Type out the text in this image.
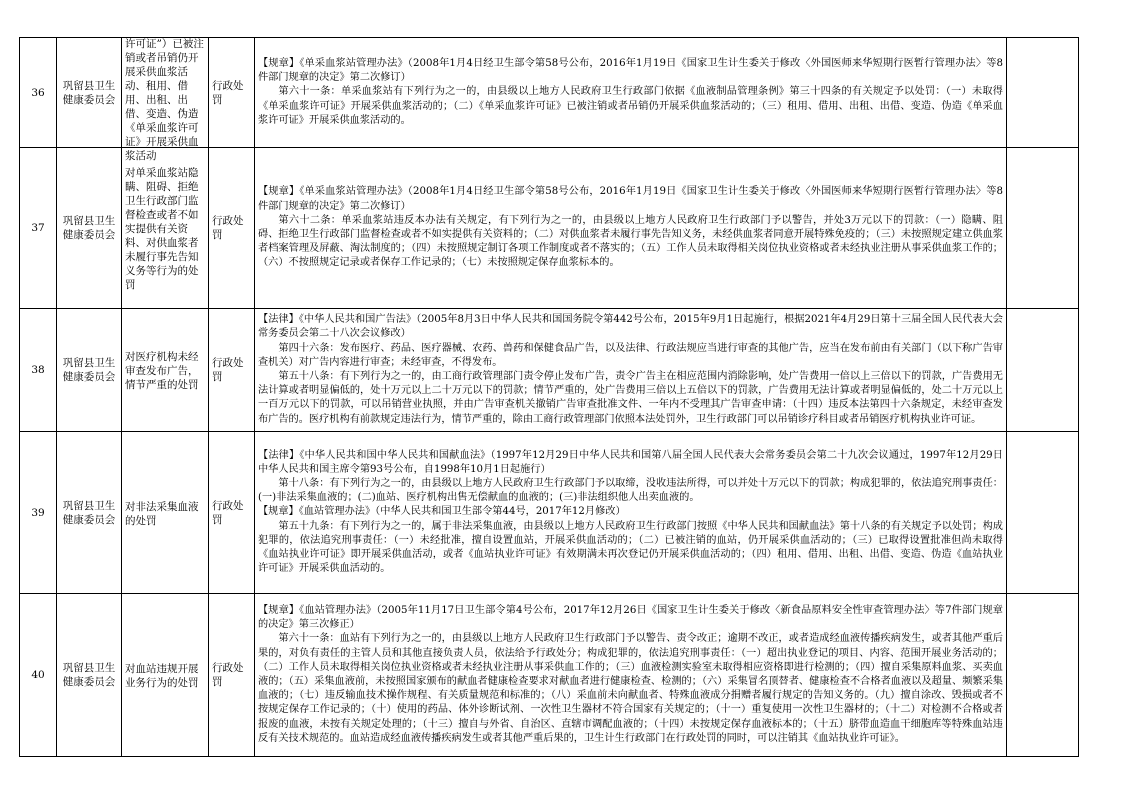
36	巩留县卫生健康委员会	许可证”）已被注销或者吊销仍开展采供血浆活动、租用、借用、出租、出借、变造、伪造《单采血浆许可证》开展采供血浆活动	行政处罚	【规章】《单采血浆站管理办法》（2008年1月4日经卫生部令第58号公布，2016年1月19日《国家卫生计生委关于修改〈外国医师来华短期行医暂行管理办法〉等8件部门规章的决定》第二次修订）

第六十一条：单采血浆站有下列行为之一的，由县级以上地方人民政府卫生行政部门依据《血液制品管理条例》第三十四条的有关规定予以处罚：（一）未取得《单采血浆许可证》开展采供血浆活动的；（二）《单采血浆许可证》已被注销或者吊销仍开展采供血浆活动的；（三）租用、借用、出租、出借、变造、伪造《单采血浆许可证》开展采供血浆活动的。	

37	巩留县卫生健康委员会	对单采血浆站隐瞒、阻碍、拒绝卫生行政部门监督检查或者不如实提供有关资料、对供血浆者未履行事先告知义务等行为的处罚	行政处罚	【规章】《单采血浆站管理办法》（2008年1月4日经卫生部令第58号公布，2016年1月19日《国家卫生计生委关于修改〈外国医师来华短期行医暂行管理办法〉等8件部门规章的决定》第二次修订）

第六十二条：单采血浆站违反本办法有关规定，有下列行为之一的，由县级以上地方人民政府卫生行政部门予以警告，并处3万元以下的罚款：（一）隐瞒、阻碍、拒绝卫生行政部门监督检查或者不如实提供有关资料的；（二）对供血浆者未履行事先告知义务，未经供血浆者同意开展特殊免疫的；（三）未按照规定建立供血浆者档案管理及屏蔽、淘汰制度的；（四）未按照规定制订各项工作制度或者不落实的；（五）工作人员未取得相关岗位执业资格或者未经执业注册从事采供血浆工作的；（六）不按照规定记录或者保存工作记录的；（七）未按照规定保存血浆标本的。	

38	巩留县卫生健康委员会	对医疗机构未经审查发布广告，情节严重的处罚	行政处罚	【法律】《中华人民共和国广告法》（2005年8月3日中华人民共和国国务院令第442号公布，2015年9月1日起施行，根据2021年4月29日第十三届全国人民代表大会常务委员会第二十八次会议修改）

第四十六条：发布医疗、药品、医疗器械、农药、兽药和保健食品广告，以及法律、行政法规应当进行审查的其他广告，应当在发布前由有关部门（以下称广告审查机关）对广告内容进行审查；未经审查，不得发布。

第五十八条：有下列行为之一的，由工商行政管理部门责令停止发布广告，责令广告主在相应范围内消除影响，处广告费用一倍以上三倍以下的罚款，广告费用无法计算或者明显偏低的，处十万元以上二十万元以下的罚款；情节严重的，处广告费用三倍以上五倍以下的罚款，广告费用无法计算或者明显偏低的，处二十万元以上一百万元以下的罚款，可以吊销营业执照，并由广告审查机关撤销广告审查批准文件、一年内不受理其广告审查申请：（十四）违反本法第四十六条规定，未经审查发布广告的。医疗机构有前款规定违法行为，情节严重的，除由工商行政管理部门依照本法处罚外，卫生行政部门可以吊销诊疗科目或者吊销医疗机构执业许可证。	

39	巩留县卫生健康委员会	对非法采集血液的处罚	行政处罚	【法律】《中华人民共和国中华人民共和国献血法》（1997年12月29日中华人民共和国第八届全国人民代表大会常务委员会第二十九次会议通过，1997年12月29日中华人民共和国主席令第93号公布，自1998年10月1日起施行）

第十八条：有下列行为之一的，由县级以上地方人民政府卫生行政部门予以取缔，没收违法所得，可以并处十万元以下的罚款；构成犯罪的，依法追究刑事责任：(一)非法采集血液的；(二)血站、医疗机构出售无偿献血的血液的；(三)非法组织他人出卖血液的。

【规章】《血站管理办法》（中华人民共和国卫生部令第44号，2017年12月修改）

第五十九条：有下列行为之一的，属于非法采集血液，由县级以上地方人民政府卫生行政部门按照《中华人民共和国献血法》第十八条的有关规定予以处罚；构成犯罪的，依法追究刑事责任：（一）未经批准，擅自设置血站，开展采供血活动的；（二）已被注销的血站，仍开展采供血活动的；（三）已取得设置批准但尚未取得《血站执业许可证》即开展采供血活动，或者《血站执业许可证》有效期满未再次登记仍开展采供血活动的；（四）租用、借用、出租、出借、变造、伪造《血站执业许可证》开展采供血活动的。	

40	巩留县卫生健康委员会	对血站违规开展业务行为的处罚	行政处罚	【规章】《血站管理办法》（2005年11月17日卫生部令第4号公布，2017年12月26日《国家卫生计生委关于修改〈新食品原料安全性审查管理办法〉等7件部门规章的决定》第三次修正）

第六十一条：血站有下列行为之一的，由县级以上地方人民政府卫生行政部门予以警告、责令改正；逾期不改正，或者造成经血液传播疾病发生，或者其他严重后果的，对负有责任的主管人员和其他直接负责人员，依法给予行政处分；构成犯罪的，依法追究刑事责任：（一）超出执业登记的项目、内容、范围开展业务活动的；（二）工作人员未取得相关岗位执业资格或者未经执业注册从事采供血工作的；（三）血液检测实验室未取得相应资格即进行检测的；（四）擅自采集原料血浆、买卖血液的；（五）采集血液前，未按照国家颁布的献血者健康检查要求对献血者进行健康检查、检测的；（六）采集冒名顶替者、健康检查不合格者血液以及超量、频繁采集血液的；（七）违反输血技术操作规程、有关质量规范和标准的；（八）采血前未向献血者、特殊血液成分捐赠者履行规定的告知义务的。（九）擅自涂改、毁损或者不按规定保存工作记录的；（十）使用的药品、体外诊断试剂、一次性卫生器材不符合国家有关规定的；（十一）重复使用一次性卫生器材的；（十二）对检测不合格或者报废的血液，未按有关规定处理的；（十三）擅自与外省、自治区、直辖市调配血液的；（十四）未按规定保存血液标本的；（十五）脐带血造血干细胞库等特殊血站违反有关技术规范的。血站造成经血液传播疾病发生或者其他严重后果的，卫生计生行政部门在行政处罚的同时，可以注销其《血站执业许可证》。	
